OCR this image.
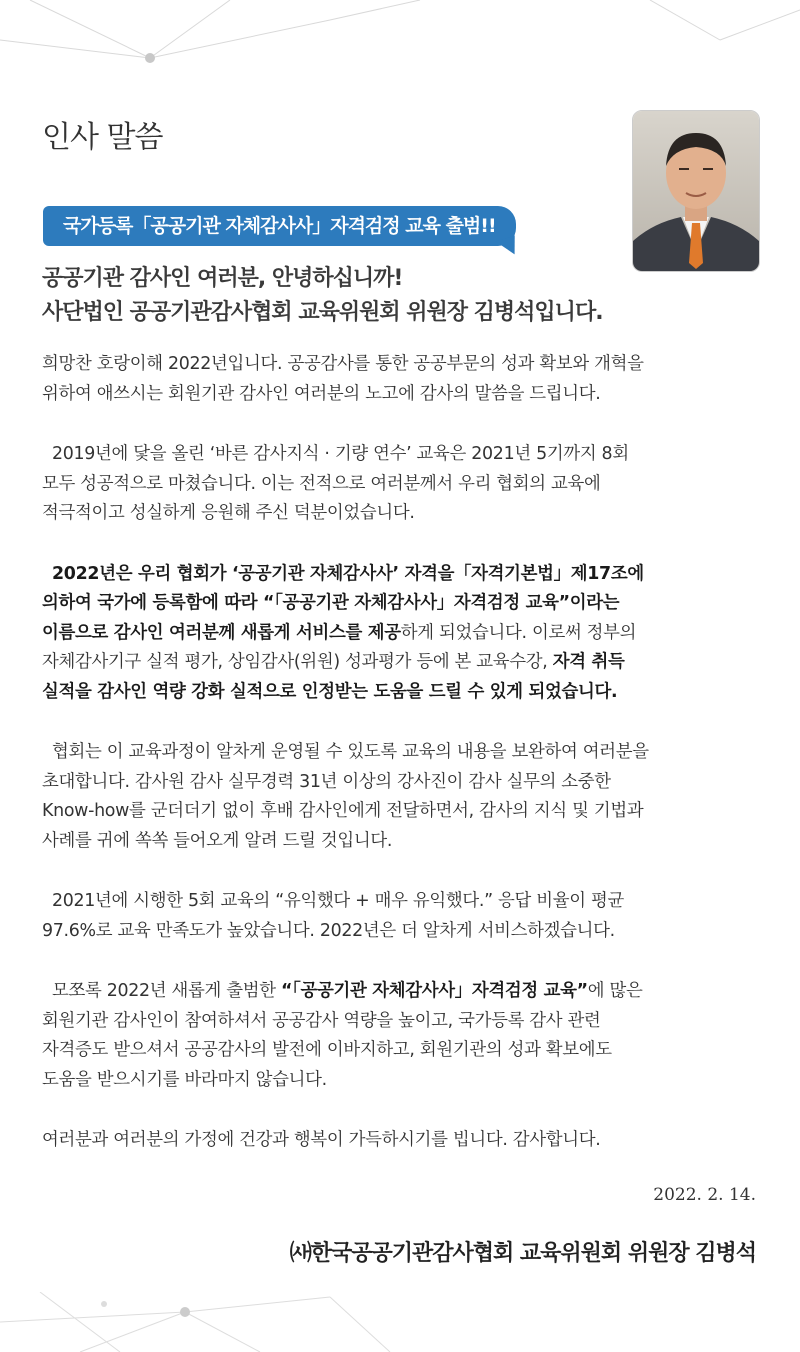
인사 말씀
국가등록「공공기관 자체감사사」자격검정 교육 출범!!
공공기관 감사인 여러분, 안녕하십니까!
사단법인 공공기관감사협회 교육위원회 위원장 김병석입니다.

희망찬 호랑이해 2022년입니다. 공공감사를 통한 공공부문의 성과 확보와 개혁을
위하여 애쓰시는 회원기관 감사인 여러분의 노고에 감사의 말씀을 드립니다.

2019년에 닻을 올린 ‘바른 감사지식 · 기량 연수’ 교육은 2021년 5기까지 8회
모두 성공적으로 마쳤습니다. 이는 전적으로 여러분께서 우리 협회의 교육에
적극적이고 성실하게 응원해 주신 덕분이었습니다.

2022년은 우리 협회가 ‘공공기관 자체감사사’ 자격을「자격기본법」제17조에
의하여 국가에 등록함에 따라 “「공공기관 자체감사사」자격검정 교육”이라는
이름으로 감사인 여러분께 새롭게 서비스를 제공하게 되었습니다. 이로써 정부의
자체감사기구 실적 평가, 상임감사(위원) 성과평가 등에 본 교육수강, 자격 취득
실적을 감사인 역량 강화 실적으로 인정받는 도움을 드릴 수 있게 되었습니다.

협회는 이 교육과정이 알차게 운영될 수 있도록 교육의 내용을 보완하여 여러분을
초대합니다. 감사원 감사 실무경력 31년 이상의 강사진이 감사 실무의 소중한
Know-how를 군더더기 없이 후배 감사인에게 전달하면서, 감사의 지식 및 기법과
사례를 귀에 쏙쏙 들어오게 알려 드릴 것입니다.

2021년에 시행한 5회 교육의 “유익했다 + 매우 유익했다.” 응답 비율이 평균
97.6%로 교육 만족도가 높았습니다. 2022년은 더 알차게 서비스하겠습니다.

모쪼록 2022년 새롭게 출범한 “「공공기관 자체감사사」자격검정 교육”에 많은
회원기관 감사인이 참여하셔서 공공감사 역량을 높이고, 국가등록 감사 관련
자격증도 받으셔서 공공감사의 발전에 이바지하고, 회원기관의 성과 확보에도
도움을 받으시기를 바라마지 않습니다.

여러분과 여러분의 가정에 건강과 행복이 가득하시기를 빕니다. 감사합니다.

2022. 2. 14.
㈔한국공공기관감사협회 교육위원회 위원장 김병석
